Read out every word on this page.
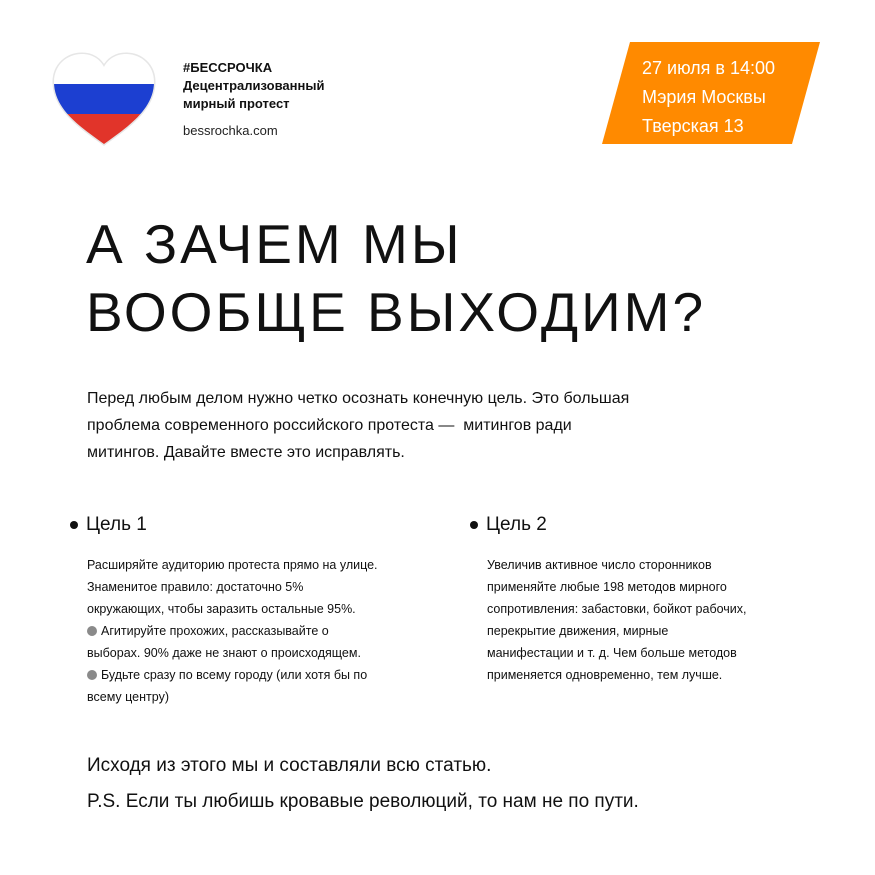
#БЕССРОЧКА
Децентрализованный
мирный протест
bessrochka.com
27 июля в 14:00
Мэрия Москвы
Тверская 13
А ЗАЧЕМ МЫ
ВООБЩЕ ВЫХОДИМ?
Перед любым делом нужно четко осознать конечную цель. Это большая
проблема современного российского протеста —  митингов ради
митингов. Давайте вместе это исправлять.
Цель 1
Расширяйте аудиторию протеста прямо на улице.
Знаменитое правило: достаточно 5%
окружающих, чтобы заразить остальные 95%.
Агитируйте прохожих, рассказывайте о
выборах. 90% даже не знают о происходящем.
Будьте сразу по всему городу (или хотя бы по
всему центру)
Цель 2
Увеличив активное число сторонников
применяйте любые 198 методов мирного
сопротивления: забастовки, бойкот рабочих,
перекрытие движения, мирные
манифестации и т. д. Чем больше методов
применяется одновременно, тем лучше.
Исходя из этого мы и составляли всю статью.
P.S. Если ты любишь кровавые революций, то нам не по пути.
